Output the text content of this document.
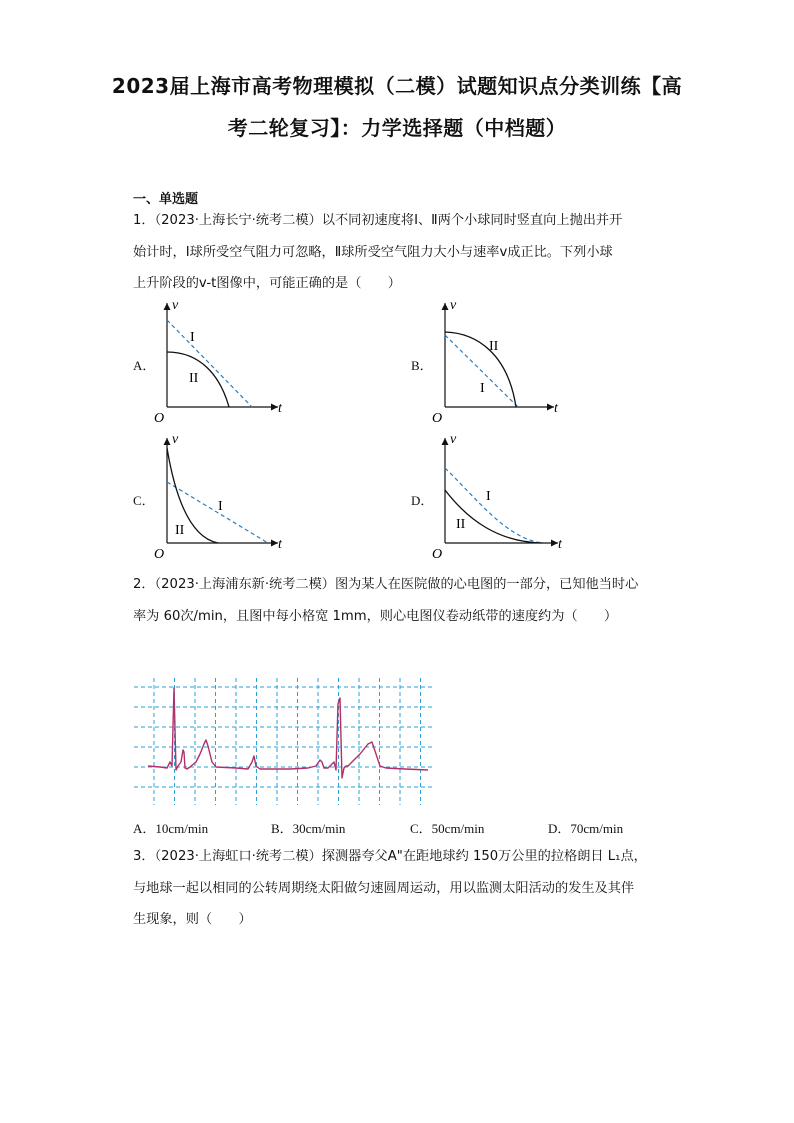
2023届上海市高考物理模拟（二模）试题知识点分类训练【高
考二轮复习】：力学选择题（中档题）
一、单选题
1．（2023·上海长宁·统考二模）以不同初速度将Ⅰ、Ⅱ两个小球同时竖直向上抛出并开
始计时，Ⅰ球所受空气阻力可忽略，Ⅱ球所受空气阻力大小与速率v成正比。下列小球
上升阶段的v-t图像中，可能正确的是（　　）
A．
v
t
O
I
II
B．
v
t
O
I
II
C．
v
t
O
I
II
D．
v
t
O
I
II
2．（2023·上海浦东新·统考二模）图为某人在医院做的心电图的一部分，已知他当时心
率为 60次/min，且图中每小格宽 1mm，则心电图仪卷动纸带的速度约为（　　）
A．10cm/min	B．30cm/min	C．50cm/min	D．70cm/min
3．（2023·上海虹口·统考二模）探测器夸父A"在距地球约 150万公里的拉格朗日 L₁点，
与地球一起以相同的公转周期绕太阳做匀速圆周运动，用以监测太阳活动的发生及其伴
生现象，则（　　）
